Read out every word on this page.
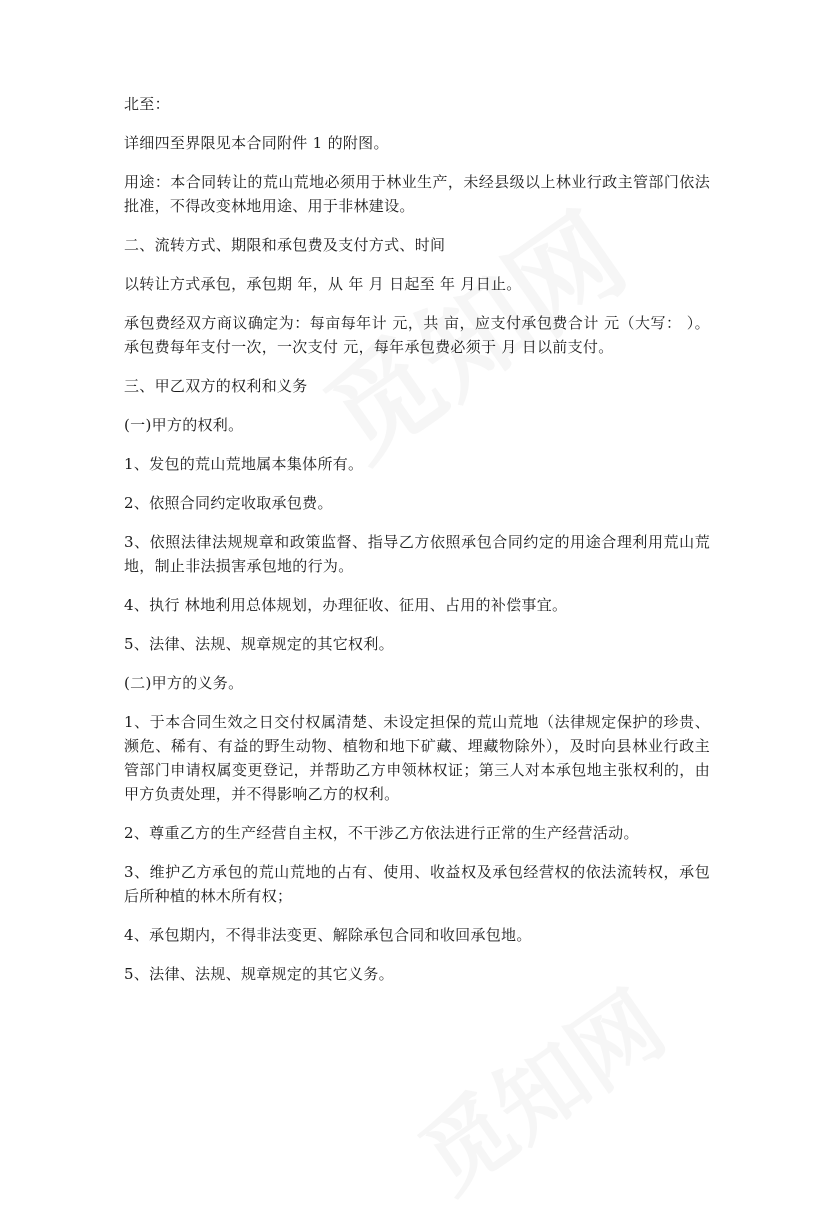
北至：

详细四至界限见本合同附件 1 的附图。

用途：本合同转让的荒山荒地必须用于林业生产，未经县级以上林业行政主管部门依法批准，不得改变林地用途、用于非林建设。

二、流转方式、期限和承包费及支付方式、时间

以转让方式承包，承包期 年，从 年 月 日起至 年 月日止。

承包费经双方商议确定为：每亩每年计 元，共 亩，应支付承包费合计 元（大写： ）。承包费每年支付一次，一次支付 元，每年承包费必须于 月 日以前支付。

三、甲乙双方的权利和义务

(一)甲方的权利。

1、发包的荒山荒地属本集体所有。

2、依照合同约定收取承包费。

3、依照法律法规规章和政策监督、指导乙方依照承包合同约定的用途合理利用荒山荒地，制止非法损害承包地的行为。

4、执行 林地利用总体规划，办理征收、征用、占用的补偿事宜。

5、法律、法规、规章规定的其它权利。

(二)甲方的义务。

1、于本合同生效之日交付权属清楚、未设定担保的荒山荒地（法律规定保护的珍贵、濒危、稀有、有益的野生动物、植物和地下矿藏、埋藏物除外），及时向县林业行政主管部门申请权属变更登记，并帮助乙方申领林权证；第三人对本承包地主张权利的，由甲方负责处理，并不得影响乙方的权利。

2、尊重乙方的生产经营自主权，不干涉乙方依法进行正常的生产经营活动。

3、维护乙方承包的荒山荒地的占有、使用、收益权及承包经营权的依法流转权，承包后所种植的林木所有权；

4、承包期内，不得非法变更、解除承包合同和收回承包地。

5、法律、法规、规章规定的其它义务。
